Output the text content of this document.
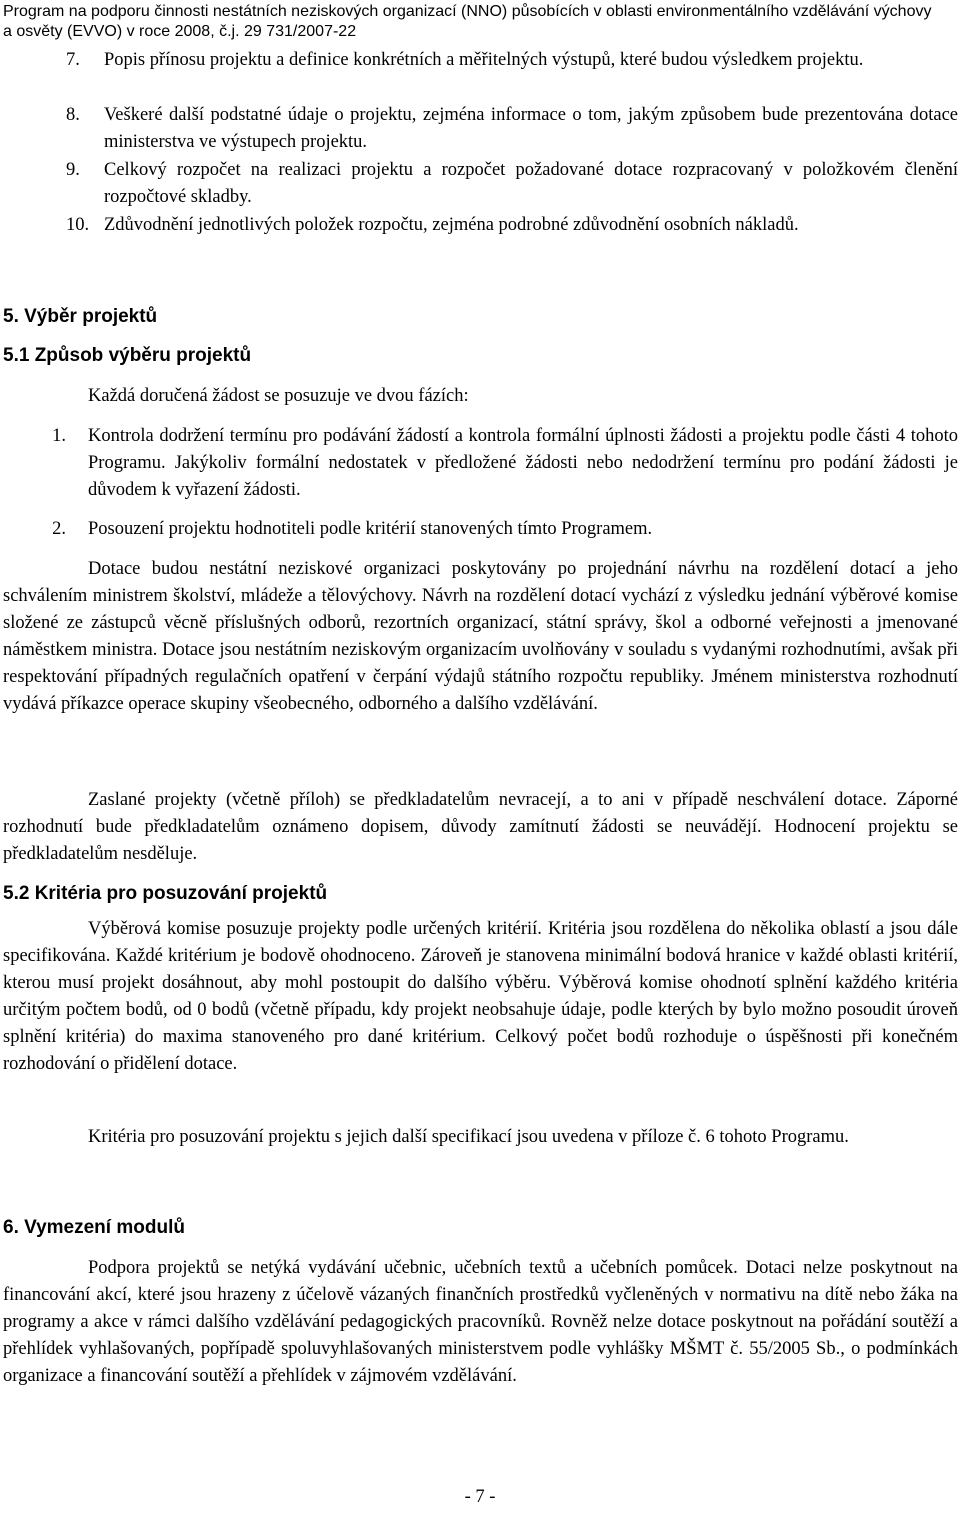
Program na podporu činnosti nestátních neziskových organizací (NNO) působících v oblasti environmentálního vzdělávání výchovy
a osvěty (EVVO) v roce 2008, č.j. 29 731/2007-22
7. Popis přínosu projektu a definice konkrétních a měřitelných výstupů, které budou výsledkem projektu.
8. Veškeré další podstatné údaje o projektu, zejména informace o tom, jakým způsobem bude prezentována dotace ministerstva ve výstupech projektu.
9. Celkový rozpočet na realizaci projektu a rozpočet požadované dotace rozpracovaný v položkovém členění rozpočtové skladby.
10. Zdůvodnění jednotlivých položek rozpočtu, zejména podrobné zdůvodnění osobních nákladů.
5. Výběr projektů
5.1 Způsob výběru projektů
Každá doručená žádost se posuzuje ve dvou fázích:
1. Kontrola dodržení termínu pro podávání žádostí a kontrola formální úplnosti žádosti a projektu podle části 4 tohoto Programu. Jakýkoliv formální nedostatek v předložené žádosti nebo nedodržení termínu pro podání žádosti je důvodem k vyřazení žádosti.
2. Posouzení projektu hodnotiteli podle kritérií stanovených tímto Programem.

Dotace budou nestátní neziskové organizaci poskytovány po projednání návrhu na rozdělení dotací a jeho schválením ministrem školství, mládeže a tělovýchovy. Návrh na rozdělení dotací vychází z výsledku jednání výběrové komise složené ze zástupců věcně příslušných odborů, rezortních organizací, státní správy, škol a odborné veřejnosti a jmenované náměstkem ministra. Dotace jsou nestátním neziskovým organizacím uvolňovány v souladu s vydanými rozhodnutími, avšak při respektování případných regulačních opatření v čerpání výdajů státního rozpočtu republiky. Jménem ministerstva rozhodnutí vydává příkazce operace skupiny všeobecného, odborného a dalšího vzdělávání.

Zaslané projekty (včetně příloh) se předkladatelům nevracejí, a to ani v případě neschválení dotace. Záporné rozhodnutí bude předkladatelům oznámeno dopisem, důvody zamítnutí žádosti se neuvádějí. Hodnocení projektu se předkladatelům nesděluje.

5.2 Kritéria pro posuzování projektů

Výběrová komise posuzuje projekty podle určených kritérií. Kritéria jsou rozdělena do několika oblastí a jsou dále specifikována. Každé kritérium je bodově ohodnoceno. Zároveň je stanovena minimální bodová hranice v každé oblasti kritérií, kterou musí projekt dosáhnout, aby mohl postoupit do dalšího výběru. Výběrová komise ohodnotí splnění každého kritéria určitým počtem bodů, od 0 bodů (včetně případu, kdy projekt neobsahuje údaje, podle kterých by bylo možno posoudit úroveň splnění kritéria) do maxima stanoveného pro dané kritérium. Celkový počet bodů rozhoduje o úspěšnosti při konečném rozhodování o přidělení dotace.

Kritéria pro posuzování projektu s jejich další specifikací jsou uvedena v příloze č. 6 tohoto Programu.

6. Vymezení modulů

Podpora projektů se netýká vydávání učebnic, učebních textů a učebních pomůcek. Dotaci nelze poskytnout na financování akcí, které jsou hrazeny z účelově vázaných finančních prostředků vyčleněných v normativu na dítě nebo žáka na programy a akce v rámci dalšího vzdělávání pedagogických pracovníků. Rovněž nelze dotace poskytnout na pořádání soutěží a přehlídek vyhlašovaných, popřípadě spoluvyhlašovaných ministerstvem podle vyhlášky MŠMT č. 55/2005 Sb., o podmínkách organizace a financování soutěží a přehlídek v zájmovém vzdělávání.

- 7 -
